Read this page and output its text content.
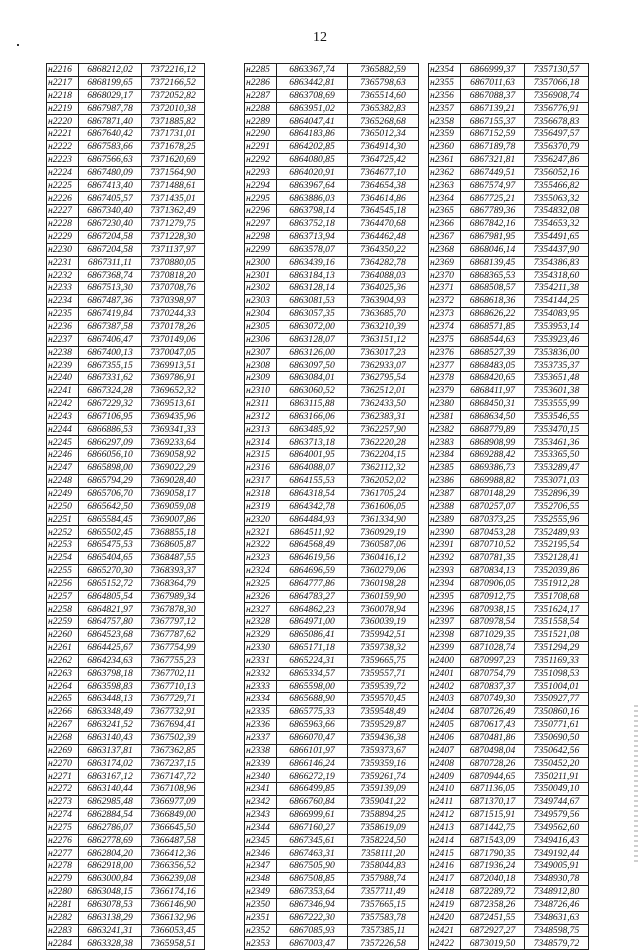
12
н2216	6868212,02	7372216,12
н2217	6868199,65	7372166,52
н2218	6868029,17	7372052,82
н2219	6867987,78	7372010,38
н2220	6867871,40	7371885,82
н2221	6867640,42	7371731,01
н2222	6867583,66	7371678,25
н2223	6867566,63	7371620,69
н2224	6867480,09	7371564,90
н2225	6867413,40	7371488,61
н2226	6867405,57	7371435,01
н2227	6867340,40	7371362,49
н2228	6867230,40	7371279,75
н2229	6867204,58	7371228,30
н2230	6867204,58	7371137,97
н2231	6867311,11	7370880,05
н2232	6867368,74	7370818,20
н2233	6867513,30	7370708,76
н2234	6867487,36	7370398,97
н2235	6867419,84	7370244,33
н2236	6867387,58	7370178,26
н2237	6867406,47	7370149,06
н2238	6867400,13	7370047,05
н2239	6867355,15	7369913,51
н2240	6867331,62	7369786,91
н2241	6867324,28	7369652,32
н2242	6867229,32	7369513,61
н2243	6867106,95	7369435,96
н2244	6866886,53	7369341,33
н2245	6866297,09	7369233,64
н2246	6866056,10	7369058,92
н2247	6865898,00	7369022,29
н2248	6865794,29	7369028,40
н2249	6865706,70	7369058,17
н2250	6865642,50	7369059,08
н2251	6865584,45	7369007,86
н2252	6865502,45	7368855,18
н2253	6865475,53	7368605,87
н2254	6865404,65	7368487,55
н2255	6865270,30	7368393,37
н2256	6865152,72	7368364,79
н2257	6864805,54	7367989,34
н2258	6864821,97	7367878,30
н2259	6864757,80	7367797,12
н2260	6864523,68	7367787,62
н2261	6864425,67	7367754,99
н2262	6864234,63	7367755,23
н2263	6863798,18	7367702,11
н2264	6863598,83	7367710,13
н2265	6863448,13	7367729,71
н2266	6863348,49	7367732,91
н2267	6863241,52	7367694,41
н2268	6863140,43	7367502,39
н2269	6863137,81	7367362,85
н2270	6863174,02	7367237,15
н2271	6863167,12	7367147,72
н2272	6863140,44	7367108,96
н2273	6862985,48	7366977,09
н2274	6862884,54	7366849,00
н2275	6862786,07	7366645,50
н2276	6862778,69	7366487,58
н2277	6862804,20	7366412,36
н2278	6862918,00	7366356,52
н2279	6863000,84	7366239,08
н2280	6863048,15	7366174,16
н2281	6863078,53	7366146,90
н2282	6863138,29	7366132,96
н2283	6863241,31	7366053,45
н2284	6863328,38	7365958,51
н2285	6863367,74	7365882,59
н2286	6863442,81	7365798,63
н2287	6863708,69	7365514,60
н2288	6863951,02	7365382,83
н2289	6864047,41	7365268,68
н2290	6864183,86	7365012,34
н2291	6864202,85	7364914,30
н2292	6864080,85	7364725,42
н2293	6864020,91	7364677,10
н2294	6863967,64	7364654,38
н2295	6863886,03	7364614,86
н2296	6863798,14	7364545,18
н2297	6863752,18	7364470,68
н2298	6863713,94	7364462,48
н2299	6863578,07	7364350,22
н2300	6863439,16	7364282,78
н2301	6863184,13	7364088,03
н2302	6863128,14	7364025,36
н2303	6863081,53	7363904,93
н2304	6863057,35	7363685,70
н2305	6863072,00	7363210,39
н2306	6863128,07	7363151,12
н2307	6863126,00	7363017,23
н2308	6863097,50	7362933,07
н2309	6863084,01	7362795,54
н2310	6863060,52	7362512,01
н2311	6863115,88	7362433,50
н2312	6863166,06	7362383,31
н2313	6863485,92	7362257,90
н2314	6863713,18	7362220,28
н2315	6864001,95	7362204,15
н2316	6864088,07	7362112,32
н2317	6864155,53	7362052,02
н2318	6864318,54	7361705,24
н2319	6864342,78	7361606,05
н2320	6864484,93	7361334,90
н2321	6864511,92	7360929,19
н2322	6864568,49	7360587,06
н2323	6864619,56	7360416,12
н2324	6864696,59	7360279,06
н2325	6864777,86	7360198,28
н2326	6864783,27	7360159,90
н2327	6864862,23	7360078,94
н2328	6864971,00	7360039,19
н2329	6865086,41	7359942,51
н2330	6865171,18	7359738,32
н2331	6865224,31	7359665,75
н2332	6865334,57	7359557,71
н2333	6865598,00	7359539,72
н2334	6865688,90	7359570,45
н2335	6865775,33	7359548,49
н2336	6865963,66	7359529,87
н2337	6866070,47	7359436,38
н2338	6866101,97	7359373,67
н2339	6866146,24	7359359,16
н2340	6866272,19	7359261,74
н2341	6866499,85	7359139,09
н2342	6866760,84	7359041,22
н2343	6866999,61	7358894,25
н2344	6867160,27	7358619,09
н2345	6867345,61	7358224,50
н2346	6867463,31	7358111,20
н2347	6867505,90	7358044,83
н2348	6867508,85	7357988,74
н2349	6867353,64	7357711,49
н2350	6867346,94	7357665,15
н2351	6867222,30	7357583,78
н2352	6867085,93	7357385,11
н2353	6867003,47	7357226,58
н2354	6866999,37	7357130,57
н2355	6867011,63	7357066,18
н2356	6867088,37	7356908,74
н2357	6867139,21	7356776,91
н2358	6867155,37	7356678,83
н2359	6867152,59	7356497,57
н2360	6867189,78	7356370,79
н2361	6867321,81	7356247,86
н2362	6867449,51	7356052,16
н2363	6867574,97	7355466,82
н2364	6867725,21	7355063,32
н2365	6867789,36	7354832,08
н2366	6867842,16	7354653,32
н2367	6867981,95	7354491,65
н2368	6868046,14	7354437,90
н2369	6868139,45	7354386,83
н2370	6868365,53	7354318,60
н2371	6868508,57	7354211,38
н2372	6868618,36	7354144,25
н2373	6868626,22	7354083,95
н2374	6868571,85	7353953,14
н2375	6868544,63	7353923,46
н2376	6868527,39	7353836,00
н2377	6868483,05	7353735,37
н2378	6868420,65	7353651,48
н2379	6868411,97	7353601,38
н2380	6868450,31	7353555,99
н2381	6868634,50	7353546,55
н2382	6868779,89	7353470,15
н2383	6868908,99	7353461,36
н2384	6869288,42	7353365,50
н2385	6869386,73	7353289,47
н2386	6869988,82	7353071,03
н2387	6870148,29	7352896,39
н2388	6870257,07	7352706,55
н2389	6870373,25	7352555,96
н2390	6870453,28	7352489,93
н2391	6870710,52	7352195,54
н2392	6870781,35	7352128,41
н2393	6870834,13	7352039,86
н2394	6870906,05	7351912,28
н2395	6870912,75	7351708,68
н2396	6870938,15	7351624,17
н2397	6870978,54	7351558,54
н2398	6871029,35	7351521,08
н2399	6871028,74	7351294,29
н2400	6870997,23	7351169,33
н2401	6870754,79	7351098,53
н2402	6870837,37	7351004,01
н2403	6870749,30	7350927,77
н2404	6870726,49	7350860,16
н2405	6870617,43	7350771,61
н2406	6870481,86	7350690,50
н2407	6870498,04	7350642,56
н2408	6870728,26	7350452,20
н2409	6870944,65	7350211,91
н2410	6871136,05	7350049,10
н2411	6871370,17	7349744,67
н2412	6871515,91	7349579,56
н2413	6871442,75	7349562,60
н2414	6871543,09	7349416,43
н2415	6871790,35	7349192,44
н2416	6871936,24	7349005,91
н2417	6872040,18	7348930,78
н2418	6872289,72	7348912,80
н2419	6872358,26	7348726,46
н2420	6872451,55	7348631,63
н2421	6872927,27	7348598,75
н2422	6873019,50	7348579,72
